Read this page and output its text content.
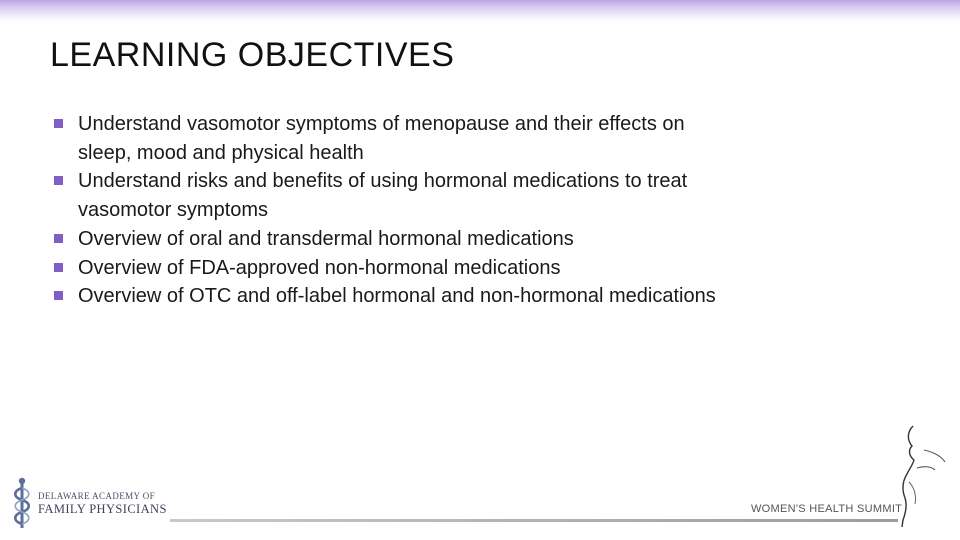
LEARNING OBJECTIVES
Understand vasomotor symptoms of menopause and their effects on sleep, mood and physical health
Understand risks and benefits of using hormonal medications to treat vasomotor symptoms
Overview of oral and transdermal hormonal medications
Overview of FDA-approved non-hormonal medications
Overview of OTC and off-label hormonal and non-hormonal medications
DELAWARE ACADEMY OF
FAMILY PHYSICIANS	WOMEN'S HEALTH SUMMIT
